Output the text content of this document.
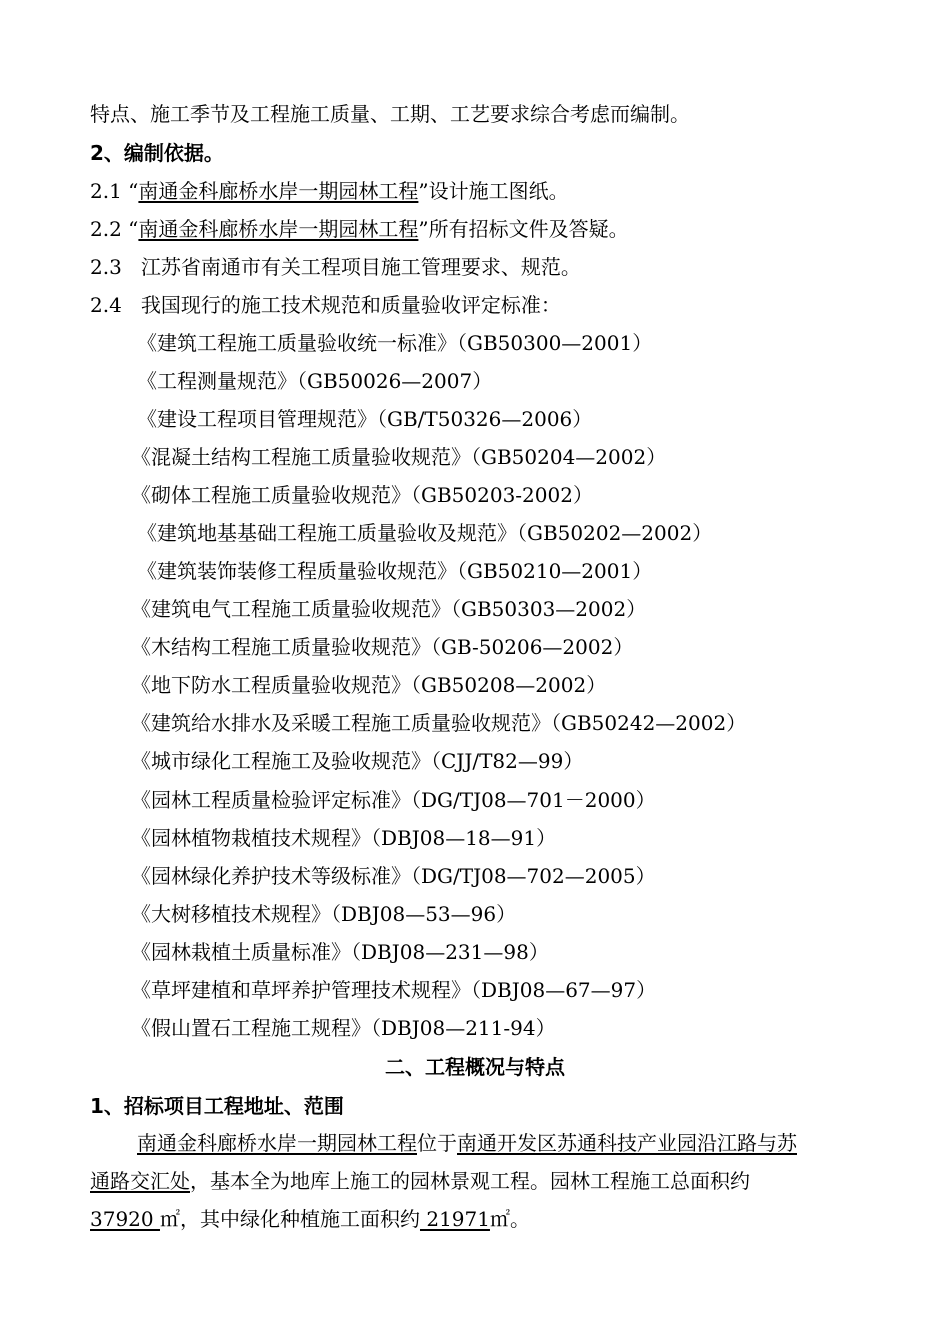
特点、施工季节及工程施工质量、工期、工艺要求综合考虑而编制。
2、编制依据。
2.1 “南通金科廊桥水岸一期园林工程”设计施工图纸。
2.2 “南通金科廊桥水岸一期园林工程”所有招标文件及答疑。
2.3 江苏省南通市有关工程项目施工管理要求、规范。
2.4 我国现行的施工技术规范和质量验收评定标准：
《建筑工程施工质量验收统一标准》（GB50300—2001）
《工程测量规范》（GB50026—2007）
《建设工程项目管理规范》（GB/T50326—2006）
《混凝土结构工程施工质量验收规范》（GB50204—2002）
《砌体工程施工质量验收规范》（GB50203-2002）
《建筑地基基础工程施工质量验收及规范》（GB50202—2002）
《建筑装饰装修工程质量验收规范》（GB50210—2001）
《建筑电气工程施工质量验收规范》（GB50303—2002）
《木结构工程施工质量验收规范》（GB-50206—2002）
《地下防水工程质量验收规范》（GB50208—2002）
《建筑给水排水及采暖工程施工质量验收规范》（GB50242—2002）
《城市绿化工程施工及验收规范》（CJJ/T82—99）
《园林工程质量检验评定标准》（DG/TJ08—701－2000）
《园林植物栽植技术规程》（DBJ08—18—91）
《园林绿化养护技术等级标准》（DG/TJ08—702—2005）
《大树移植技术规程》（DBJ08—53—96）
《园林栽植土质量标准》（DBJ08—231—98）
《草坪建植和草坪养护管理技术规程》（DBJ08—67—97）
《假山置石工程施工规程》（DBJ08—211-94）
二、工程概况与特点
1、招标项目工程地址、范围
南通金科廊桥水岸一期园林工程位于南通开发区苏通科技产业园沿江路与苏
通路交汇处，基本全为地库上施工的园林景观工程。园林工程施工总面积约
37920 ㎡，其中绿化种植施工面积约 21971㎡。
